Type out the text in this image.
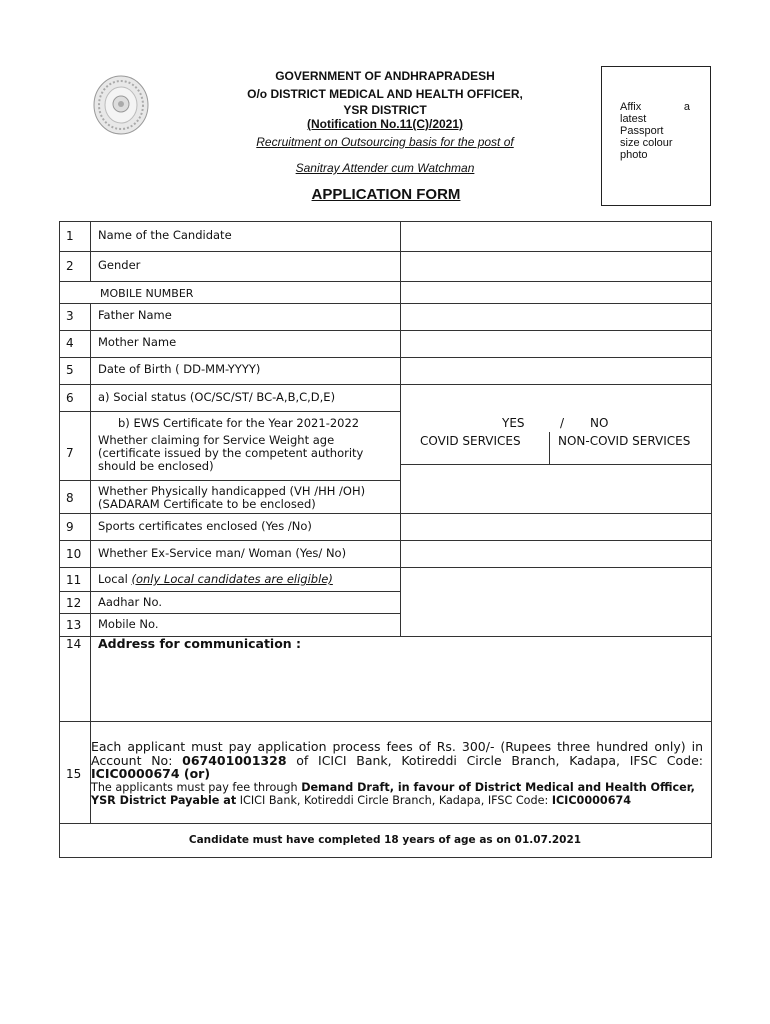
GOVERNMENT OF ANDHRAPRADESH
O/o DISTRICT MEDICAL AND HEALTH OFFICER,
YSR DISTRICT
(Notification No.11(C)/2021)
Recruitment on Outsourcing basis for the post of
Sanitray Attender cum Watchman
Affix	a
latest
Passport
size colour
photo
APPLICATION FORM
1 Name of the Candidate
2 Gender
MOBILE NUMBER
3 Father Name
4 Mother Name
5 Date of Birth ( DD-MM-YYYY)
6 a) Social status (OC/SC/ST/ BC-A,B,C,D,E)
b) EWS Certificate for the Year 2021-2022	YES	/ NO
7
Whether claiming for Service Weight age
(certificate issued by the competent authority
should be enclosed)
COVID SERVICES	NON-COVID SERVICES
8 Whether Physically handicapped (VH /HH /OH)
(SADARAM Certificate to be enclosed)
9 Sports certificates enclosed (Yes /No)
10 Whether Ex-Service man/ Woman (Yes/ No)
11 Local (only Local candidates are eligible)
12 Aadhar No.
13 Mobile No.
14 Address for communication :
15
Each applicant must pay application process fees of Rs. 300/- (Rupees three hundred only) in Account No: 067401001328 of ICICI Bank, Kotireddi Circle Branch, Kadapa, IFSC Code: ICIC0000674 (or)
The applicants must pay fee through Demand Draft, in favour of District Medical and Health Officer, YSR District Payable at ICICI Bank, Kotireddi Circle Branch, Kadapa, IFSC Code: ICIC0000674
Candidate must have completed 18 years of age as on 01.07.2021
